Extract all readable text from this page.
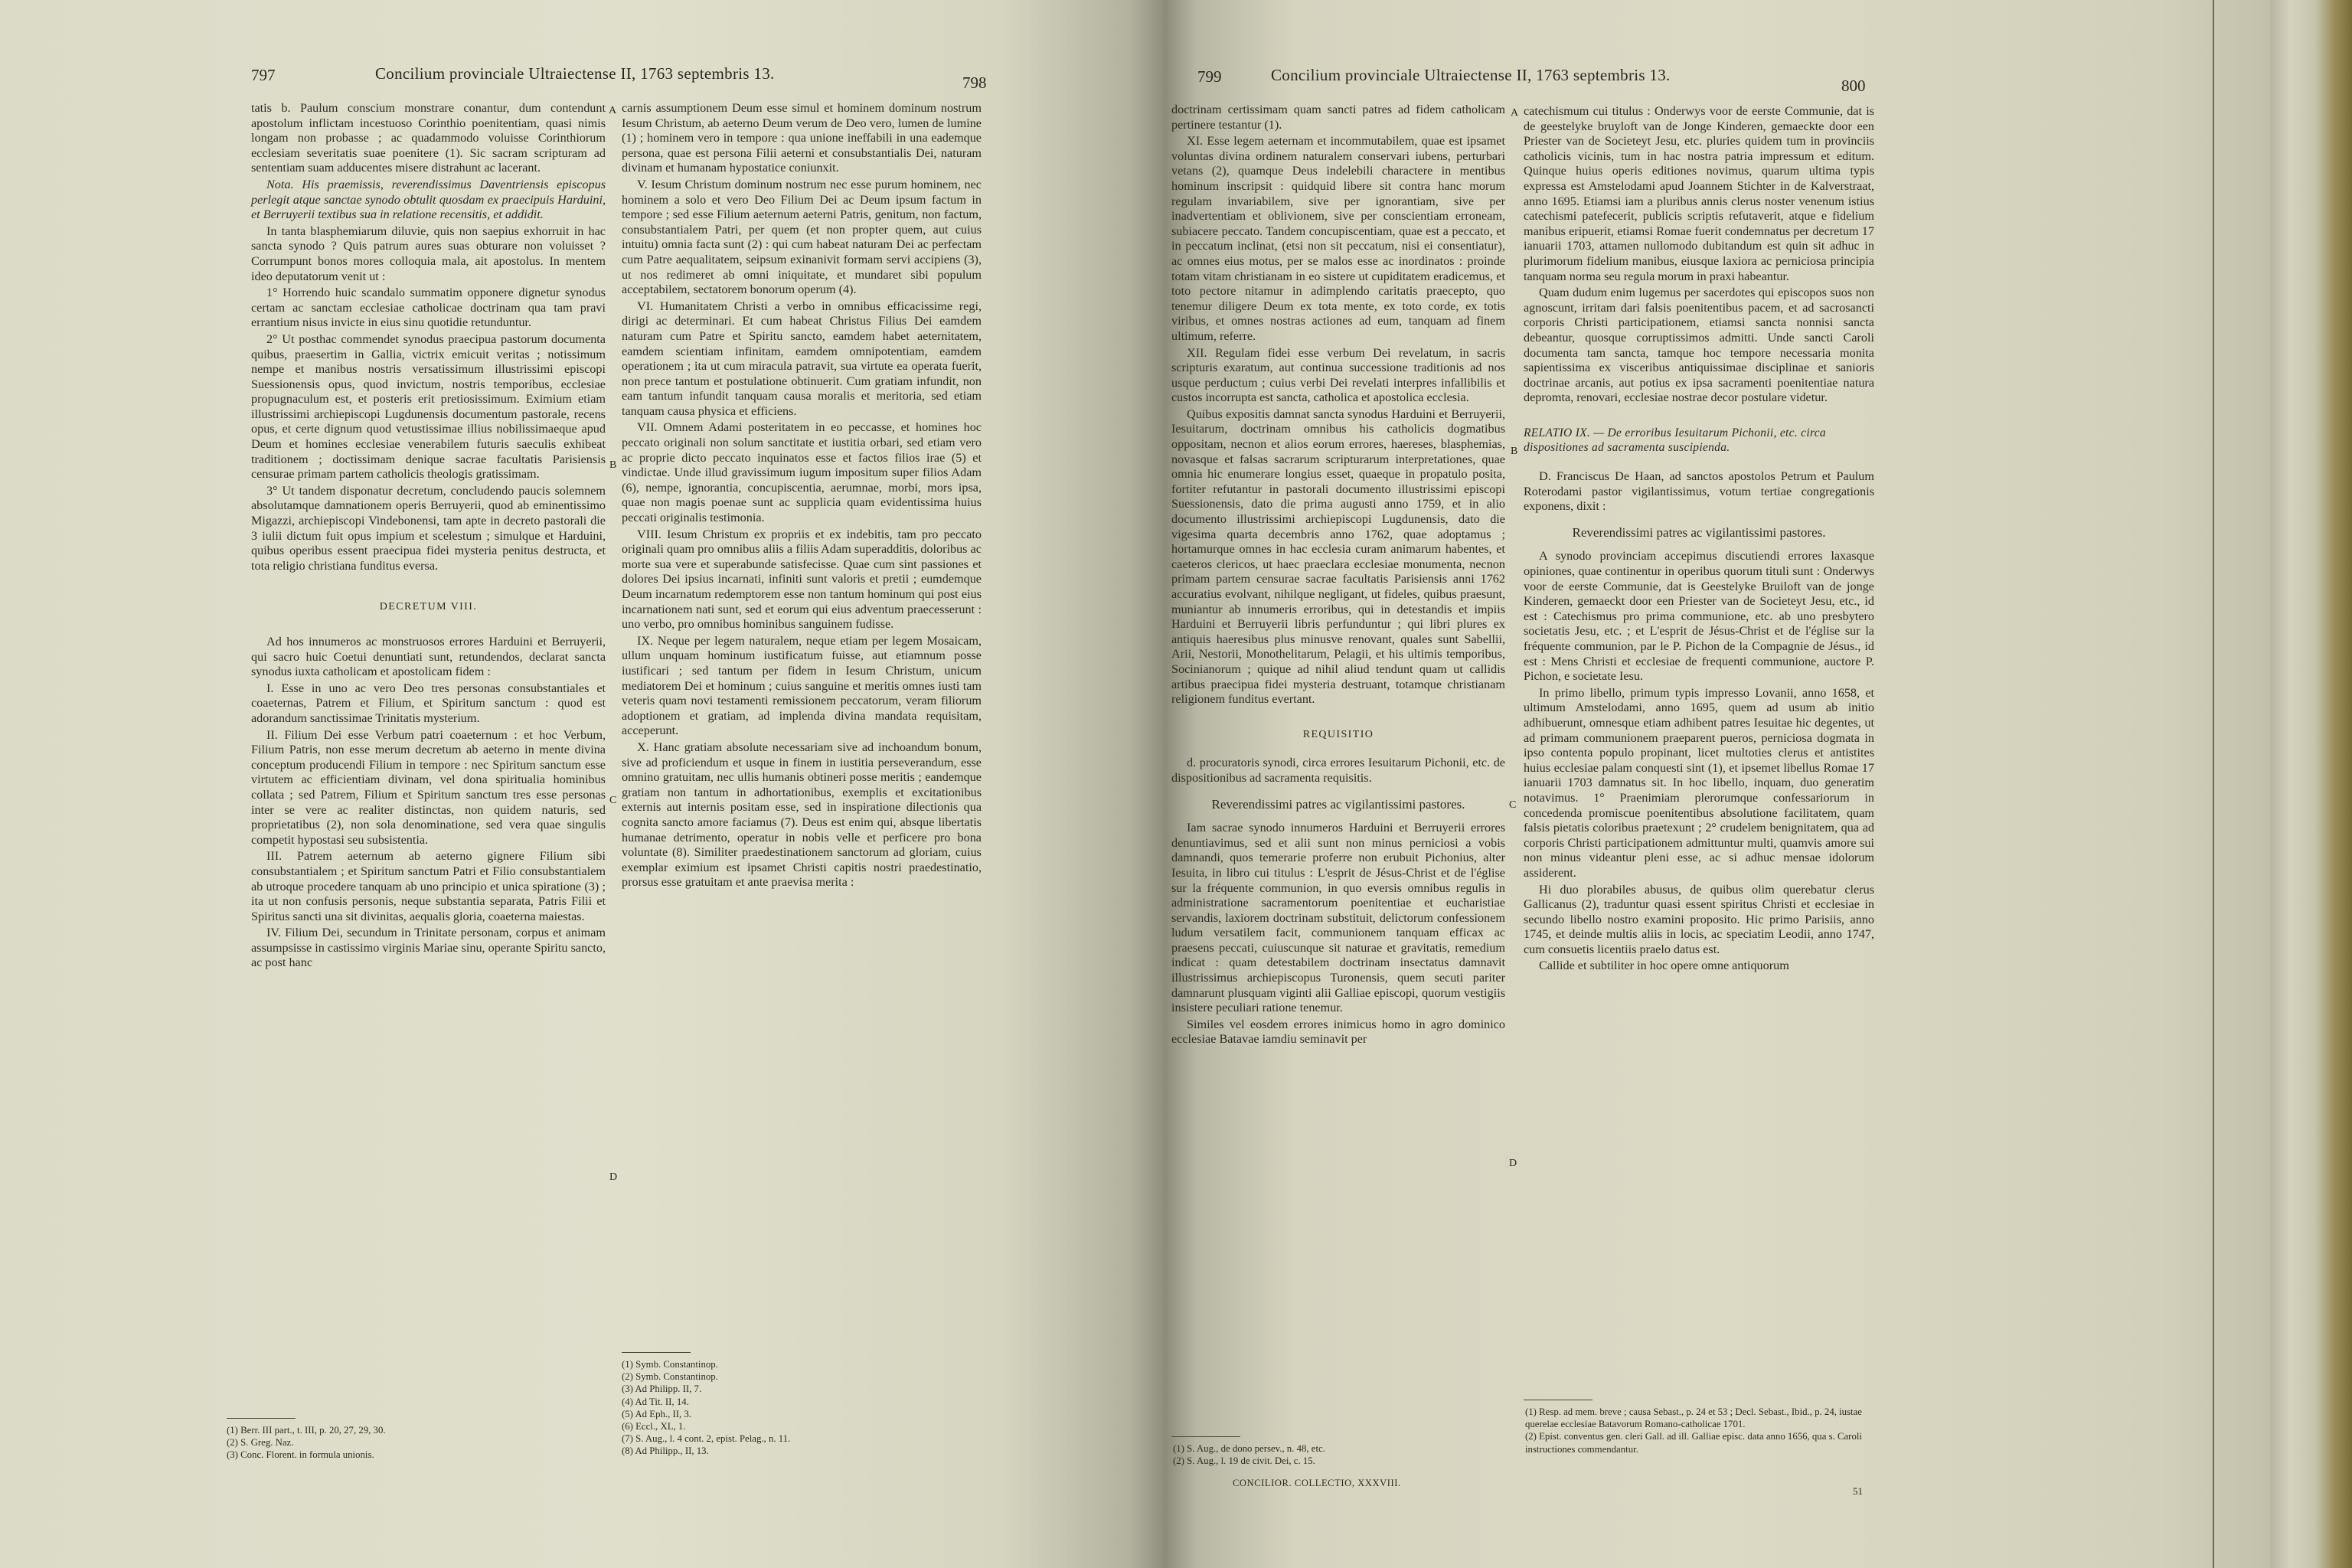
797	Concilium provinciale Ultraiectense II, 1763 septembris 13.	798

tatis b. Paulum conscium monstrare conantur, dum contendunt apostolum inflictam incestuoso Corinthio poenitentiam, quasi nimis longam non probasse ; ac quadammodo voluisse Corinthiorum ecclesiam severitatis suae poenitere (1). Sic sacram scripturam ad sententiam suam adducentes misere distrahunt ac lacerant.

Nota. His praemissis, reverendissimus Daventriensis episcopus perlegit atque sanctae synodo obtulit quosdam ex praecipuis Harduini, et Berruyerii textibus sua in relatione recensitis, et addidit.

In tanta blasphemiarum diluvie, quis non saepius exhorruit in hac sancta synodo ? Quis patrum aures suas obturare non voluisset ? Corrumpunt bonos mores colloquia mala, ait apostolus. In mentem ideo deputatorum venit ut :

1° Horrendo huic scandalo summatim opponere dignetur synodus certam ac sanctam ecclesiae catholicae doctrinam qua tam pravi errantium nisus invicte in eius sinu quotidie retunduntur.

2° Ut posthac commendet synodus praecipua pastorum documenta quibus, praesertim in Gallia, victrix emicuit veritas ; notissimum nempe et manibus nostris versatissimum illustrissimi episcopi Suessionensis opus, quod invictum, nostris temporibus, ecclesiae propugnaculum est, et posteris erit pretiosissimum. Eximium etiam illustrissimi archiepiscopi Lugdunensis documentum pastorale, recens opus, et certe dignum quod vetustissimae illius nobilissimaeque apud Deum et homines ecclesiae venerabilem futuris saeculis exhibeat traditionem ; doctissimam denique sacrae facultatis Parisiensis censurae primam partem catholicis theologis gratissimam.

3° Ut tandem disponatur decretum, concludendo paucis solemnem absolutamque damnationem operis Berruyerii, quod ab eminentissimo Migazzi, archiepiscopi Vindebonensi, tam apte in decreto pastorali die 3 iulii dictum fuit opus impium et scelestum ; simulque et Harduini, quibus operibus essent praecipua fidei mysteria penitus destructa, et tota religio christiana funditus eversa.

DECRETUM VIII.

Ad hos innumeros ac monstruosos errores Harduini et Berruyerii, qui sacro huic Coetui denuntiati sunt, retundendos, declarat sancta synodus iuxta catholicam et apostolicam fidem :

I. Esse in uno ac vero Deo tres personas consubstantiales et coaeternas, Patrem et Filium, et Spiritum sanctum : quod est adorandum sanctissimae Trinitatis mysterium.

II. Filium Dei esse Verbum patri coaeternum : et hoc Verbum, Filium Patris, non esse merum decretum ab aeterno in mente divina conceptum producendi Filium in tempore : nec Spiritum sanctum esse virtutem ac efficientiam divinam, vel dona spiritualia hominibus collata ; sed Patrem, Filium et Spiritum sanctum tres esse personas inter se vere ac realiter distinctas, non quidem naturis, sed proprietatibus (2), non sola denominatione, sed vera quae singulis competit hypostasi seu subsistentia.

III. Patrem aeternum ab aeterno gignere Filium sibi consubstantialem ; et Spiritum sanctum Patri et Filio consubstantialem ab utroque procedere tanquam ab uno principio et unica spiratione (3) ; ita ut non confusis personis, neque substantia separata, Patris Filii et Spiritus sancti una sit divinitas, aequalis gloria, coaeterna maiestas.

IV. Filium Dei, secundum in Trinitate personam, corpus et animam assumpsisse in castissimo virginis Mariae sinu, operante Spiritu sancto, ac post hanc

(1) Berr. III part., t. III, p. 20, 27, 29, 30.
(2) S. Greg. Naz.
(3) Conc. Florent. in formula unionis.
A
B
C
D

carnis assumptionem Deum esse simul et hominem dominum nostrum Iesum Christum, ab aeterno Deum verum de Deo vero, lumen de lumine (1) ; hominem vero in tempore : qua unione ineffabili in una eademque persona, quae est persona Filii aeterni et consubstantialis Dei, naturam divinam et humanam hypostatice coniunxit.

V. Iesum Christum dominum nostrum nec esse purum hominem, nec hominem a solo et vero Deo Filium Dei ac Deum ipsum factum in tempore ; sed esse Filium aeternum aeterni Patris, genitum, non factum, consubstantialem Patri, per quem (et non propter quem, aut cuius intuitu) omnia facta sunt (2) : qui cum habeat naturam Dei ac perfectam cum Patre aequalitatem, seipsum exinanivit formam servi accipiens (3), ut nos redimeret ab omni iniquitate, et mundaret sibi populum acceptabilem, sectatorem bonorum operum (4).

VI. Humanitatem Christi a verbo in omnibus efficacissime regi, dirigi ac determinari. Et cum habeat Christus Filius Dei eamdem naturam cum Patre et Spiritu sancto, eamdem habet aeternitatem, eamdem scientiam infinitam, eamdem omnipotentiam, eamdem operationem ; ita ut cum miracula patravit, sua virtute ea operata fuerit, non prece tantum et postulatione obtinuerit. Cum gratiam infundit, non eam tantum infundit tanquam causa moralis et meritoria, sed etiam tanquam causa physica et efficiens.

VII. Omnem Adami posteritatem in eo peccasse, et homines hoc peccato originali non solum sanctitate et iustitia orbari, sed etiam vero ac proprie dicto peccato inquinatos esse et factos filios irae (5) et vindictae. Unde illud gravissimum iugum impositum super filios Adam (6), nempe, ignorantia, concupiscentia, aerumnae, morbi, mors ipsa, quae non magis poenae sunt ac supplicia quam evidentissima huius peccati originalis testimonia.

VIII. Iesum Christum ex propriis et ex indebitis, tam pro peccato originali quam pro omnibus aliis a filiis Adam superadditis, doloribus ac morte sua vere et superabunde satisfecisse. Quae cum sint passiones et dolores Dei ipsius incarnati, infiniti sunt valoris et pretii ; eumdemque Deum incarnatum redemptorem esse non tantum hominum qui post eius incarnationem nati sunt, sed et eorum qui eius adventum praecesserunt : uno verbo, pro omnibus hominibus sanguinem fudisse.

IX. Neque per legem naturalem, neque etiam per legem Mosaicam, ullum unquam hominum iustificatum fuisse, aut etiamnum posse iustificari ; sed tantum per fidem in Iesum Christum, unicum mediatorem Dei et hominum ; cuius sanguine et meritis omnes iusti tam veteris quam novi testamenti remissionem peccatorum, veram filiorum adoptionem et gratiam, ad implenda divina mandata requisitam, acceperunt.

X. Hanc gratiam absolute necessariam sive ad inchoandum bonum, sive ad proficiendum et usque in finem in iustitia perseverandum, esse omnino gratuitam, nec ullis humanis obtineri posse meritis ; eandemque gratiam non tantum in adhortationibus, exemplis et excitationibus externis aut internis positam esse, sed in inspiratione dilectionis qua cognita sancto amore faciamus (7). Deus est enim qui, absque libertatis humanae detrimento, operatur in nobis velle et perficere pro bona voluntate (8). Similiter praedestinationem sanctorum ad gloriam, cuius exemplar eximium est ipsamet Christi capitis nostri praedestinatio, prorsus esse gratuitam et ante praevisa merita :

(1) Symb. Constantinop.
(2) Symb. Constantinop.
(3) Ad Philipp. II, 7.
(4) Ad Tit. II, 14.
(5) Ad Eph., II, 3.
(6) Eccl., XL, 1.
(7) S. Aug., l. 4 cont. 2, epist. Pelag., n. 11.
(8) Ad Philipp., II, 13.
799	Concilium provinciale Ultraiectense II, 1763 septembris 13.
800

doctrinam certissimam quam sancti patres ad fidem catholicam pertinere testantur (1).

XI. Esse legem aeternam et incommutabilem, quae est ipsamet voluntas divina ordinem naturalem conservari iubens, perturbari vetans (2), quamque Deus indelebili charactere in mentibus hominum inscripsit : quidquid libere sit contra hanc morum regulam invariabilem, sive per ignorantiam, sive per inadvertentiam et oblivionem, sive per conscientiam erroneam, subiacere peccato. Tandem concupiscentiam, quae est a peccato, et in peccatum inclinat, (etsi non sit peccatum, nisi ei consentiatur), ac omnes eius motus, per se malos esse ac inordinatos : proinde totam vitam christianam in eo sistere ut cupiditatem eradicemus, et toto pectore nitamur in adimplendo caritatis praecepto, quo tenemur diligere Deum ex tota mente, ex toto corde, ex totis viribus, et omnes nostras actiones ad eum, tanquam ad finem ultimum, referre.

XII. Regulam fidei esse verbum Dei revelatum, in sacris scripturis exaratum, aut continua successione traditionis ad nos usque perductum ; cuius verbi Dei revelati interpres infallibilis et custos incorrupta est sancta, catholica et apostolica ecclesia.

Quibus expositis damnat sancta synodus Harduini et Berruyerii, Iesuitarum, doctrinam omnibus his catholicis dogmatibus oppositam, necnon et alios eorum errores, haereses, blasphemias, novasque et falsas sacrarum scripturarum interpretationes, quae omnia hic enumerare longius esset, quaeque in propatulo posita, fortiter refutantur in pastorali documento illustrissimi episcopi Suessionensis, dato die prima augusti anno 1759, et in alio documento illustrissimi archiepiscopi Lugdunensis, dato die vigesima quarta decembris anno 1762, quae adoptamus ; hortamurque omnes in hac ecclesia curam animarum habentes, et caeteros clericos, ut haec praeclara ecclesiae monumenta, necnon primam partem censurae sacrae facultatis Parisiensis anni 1762 accuratius evolvant, nihilque negligant, ut fideles, quibus praesunt, muniantur ab innumeris erroribus, qui in detestandis et impiis Harduini et Berruyerii libris perfunduntur ; qui libri plures ex antiquis haeresibus plus minusve renovant, quales sunt Sabellii, Arii, Nestorii, Monothelitarum, Pelagii, et his ultimis temporibus, Socinianorum ; quique ad nihil aliud tendunt quam ut callidis artibus praecipua fidei mysteria destruant, totamque christianam religionem funditus evertant.

REQUISITIO

d. procuratoris synodi, circa errores Iesuitarum Pichonii, etc. de dispositionibus ad sacramenta requisitis.

Reverendissimi patres ac vigilantissimi pastores.

Iam sacrae synodo innumeros Harduini et Berruyerii errores denuntiavimus, sed et alii sunt non minus perniciosi a vobis damnandi, quos temerarie proferre non erubuit Pichonius, alter Iesuita, in libro cui titulus : L'esprit de Jésus-Christ et de l'église sur la fréquente communion, in quo eversis omnibus regulis in administratione sacramentorum poenitentiae et eucharistiae servandis, laxiorem doctrinam substituit, delictorum confessionem ludum versatilem facit, communionem tanquam efficax ac praesens peccati, cuiuscunque sit naturae et gravitatis, remedium indicat : quam detestabilem doctrinam insectatus damnavit illustrissimus archiepiscopus Turonensis, quem secuti pariter damnarunt plusquam viginti alii Galliae episcopi, quorum vestigiis insistere peculiari ratione tenemur.

Similes vel eosdem errores inimicus homo in agro dominico ecclesiae Batavae iamdiu seminavit per

(1) S. Aug., de dono persev., n. 48, etc.
(2) S. Aug., l. 19 de civit. Dei, c. 15.
CONCILIOR. COLLECTIO, XXXVIII.
A
B
C
D

catechismum cui titulus : Onderwys voor de eerste Communie, dat is de geestelyke bruyloft van de Jonge Kinderen, gemaeckte door een Priester van de Societeyt Jesu, etc. pluries quidem tum in provinciis catholicis vicinis, tum in hac nostra patria impressum et editum. Quinque huius operis editiones novimus, quarum ultima typis expressa est Amstelodami apud Joannem Stichter in de Kalverstraat, anno 1695. Etiamsi iam a pluribus annis clerus noster venenum istius catechismi patefecerit, publicis scriptis refutaverit, atque e fidelium manibus eripuerit, etiamsi Romae fuerit condemnatus per decretum 17 ianuarii 1703, attamen nullomodo dubitandum est quin sit adhuc in plurimorum fidelium manibus, eiusque laxiora ac perniciosa principia tanquam norma seu regula morum in praxi habeantur.

Quam dudum enim lugemus per sacerdotes qui episcopos suos non agnoscunt, irritam dari falsis poenitentibus pacem, et ad sacrosancti corporis Christi participationem, etiamsi sancta nonnisi sancta debeantur, quosque corruptissimos admitti. Unde sancti Caroli documenta tam sancta, tamque hoc tempore necessaria monita sapientissima ex visceribus antiquissimae disciplinae et sanioris doctrinae arcanis, aut potius ex ipsa sacramenti poenitentiae natura depromta, renovari, ecclesiae nostrae decor postulare videtur.

RELATIO IX. — De erroribus Iesuitarum Pichonii, etc. circa dispositiones ad sacramenta suscipienda.

D. Franciscus De Haan, ad sanctos apostolos Petrum et Paulum Roterodami pastor vigilantissimus, votum tertiae congregationis exponens, dixit :

Reverendissimi patres ac vigilantissimi pastores.

A synodo provinciam accepimus discutiendi errores laxasque opiniones, quae continentur in operibus quorum tituli sunt : Onderwys voor de eerste Communie, dat is Geestelyke Bruiloft van de jonge Kinderen, gemaeckt door een Priester van de Societeyt Jesu, etc., id est : Catechismus pro prima communione, etc. ab uno presbytero societatis Jesu, etc. ; et L'esprit de Jésus-Christ et de l'église sur la fréquente communion, par le P. Pichon de la Compagnie de Jésus., id est : Mens Christi et ecclesiae de frequenti communione, auctore P. Pichon, e societate Iesu.

In primo libello, primum typis impresso Lovanii, anno 1658, et ultimum Amstelodami, anno 1695, quem ad usum ab initio adhibuerunt, omnesque etiam adhibent patres Iesuitae hic degentes, ut ad primam communionem praeparent pueros, perniciosa dogmata in ipso contenta populo propinant, licet multoties clerus et antistites huius ecclesiae palam conquesti sint (1), et ipsemet libellus Romae 17 ianuarii 1703 damnatus sit. In hoc libello, inquam, duo generatim notavimus. 1° Praenimiam plerorumque confessariorum in concedenda promiscue poenitentibus absolutione facilitatem, quam falsis pietatis coloribus praetexunt ; 2° crudelem benignitatem, qua ad corporis Christi participationem admittuntur multi, quamvis amore sui non minus videantur pleni esse, ac si adhuc mensae idolorum assiderent.

Hi duo plorabiles abusus, de quibus olim querebatur clerus Gallicanus (2), traduntur quasi essent spiritus Christi et ecclesiae in secundo libello nostro examini proposito. Hic primo Parisiis, anno 1745, et deinde multis aliis in locis, ac speciatim Leodii, anno 1747, cum consuetis licentiis praelo datus est.

Callide et subtiliter in hoc opere omne antiquorum

(1) Resp. ad mem. breve ; causa Sebast., p. 24 et 53 ; Decl. Sebast., Ibid., p. 24, iustae querelae ecclesiae Batavorum Romano-catholicae 1701.
(2) Epist. conventus gen. cleri Gall. ad ill. Galliae episc. data anno 1656, qua s. Caroli instructiones commendantur.
51
